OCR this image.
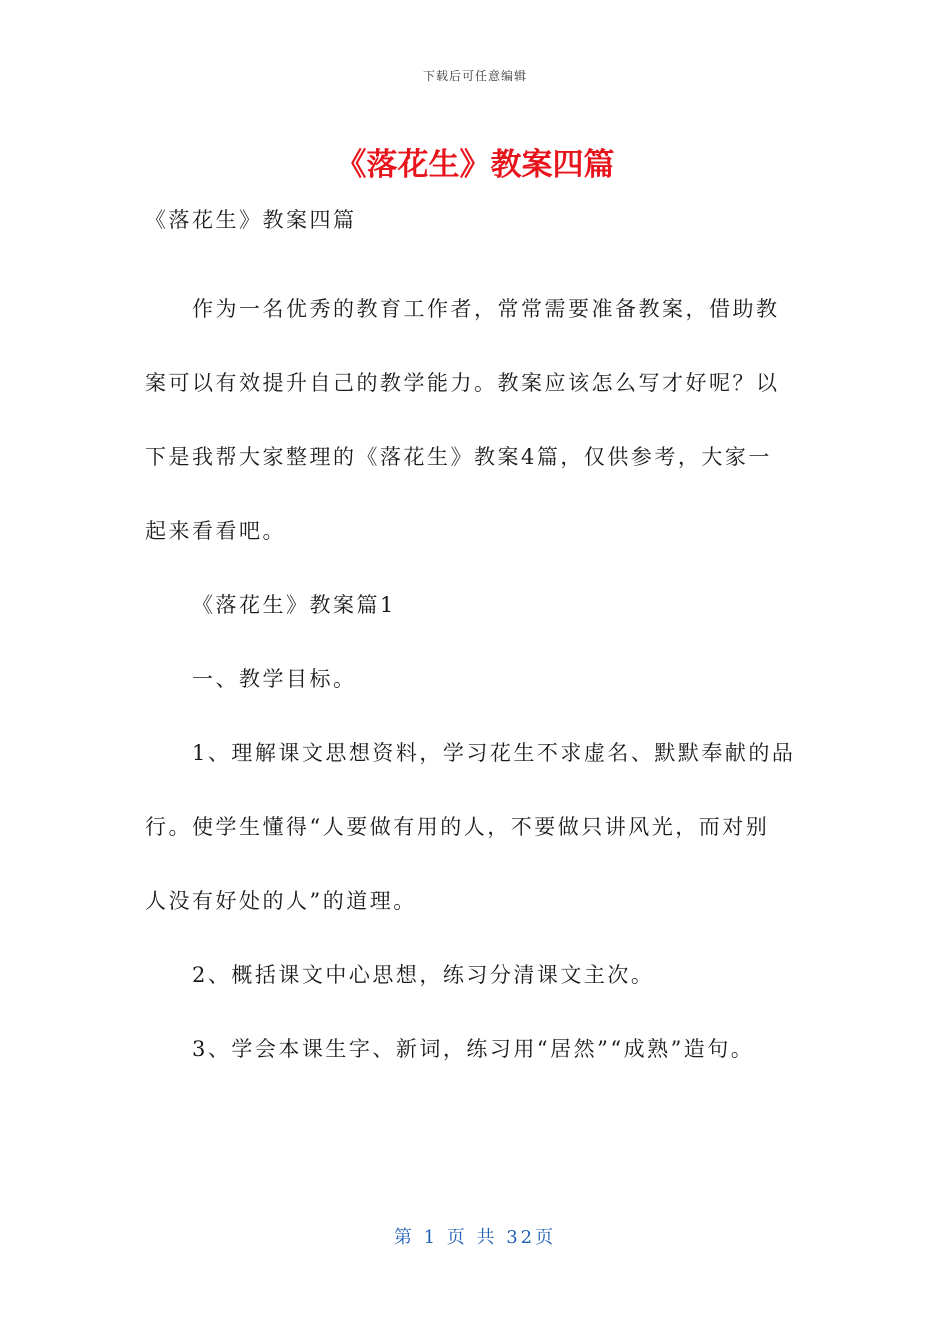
下载后可任意编辑
《落花生》教案四篇
《落花生》教案四篇
作为一名优秀的教育工作者，常常需要准备教案，借助教
案可以有效提升自己的教学能力。教案应该怎么写才好呢？以
下是我帮大家整理的《落花生》教案4篇，仅供参考，大家一
起来看看吧。
《落花生》教案篇1
一、教学目标。
1、理解课文思想资料，学习花生不求虚名、默默奉献的品
行。使学生懂得“人要做有用的人，不要做只讲风光，而对别
人没有好处的人”的道理。
2、概括课文中心思想，练习分清课文主次。
3、学会本课生字、新词，练习用“居然”“成熟”造句。
第 1 页 共 32页
